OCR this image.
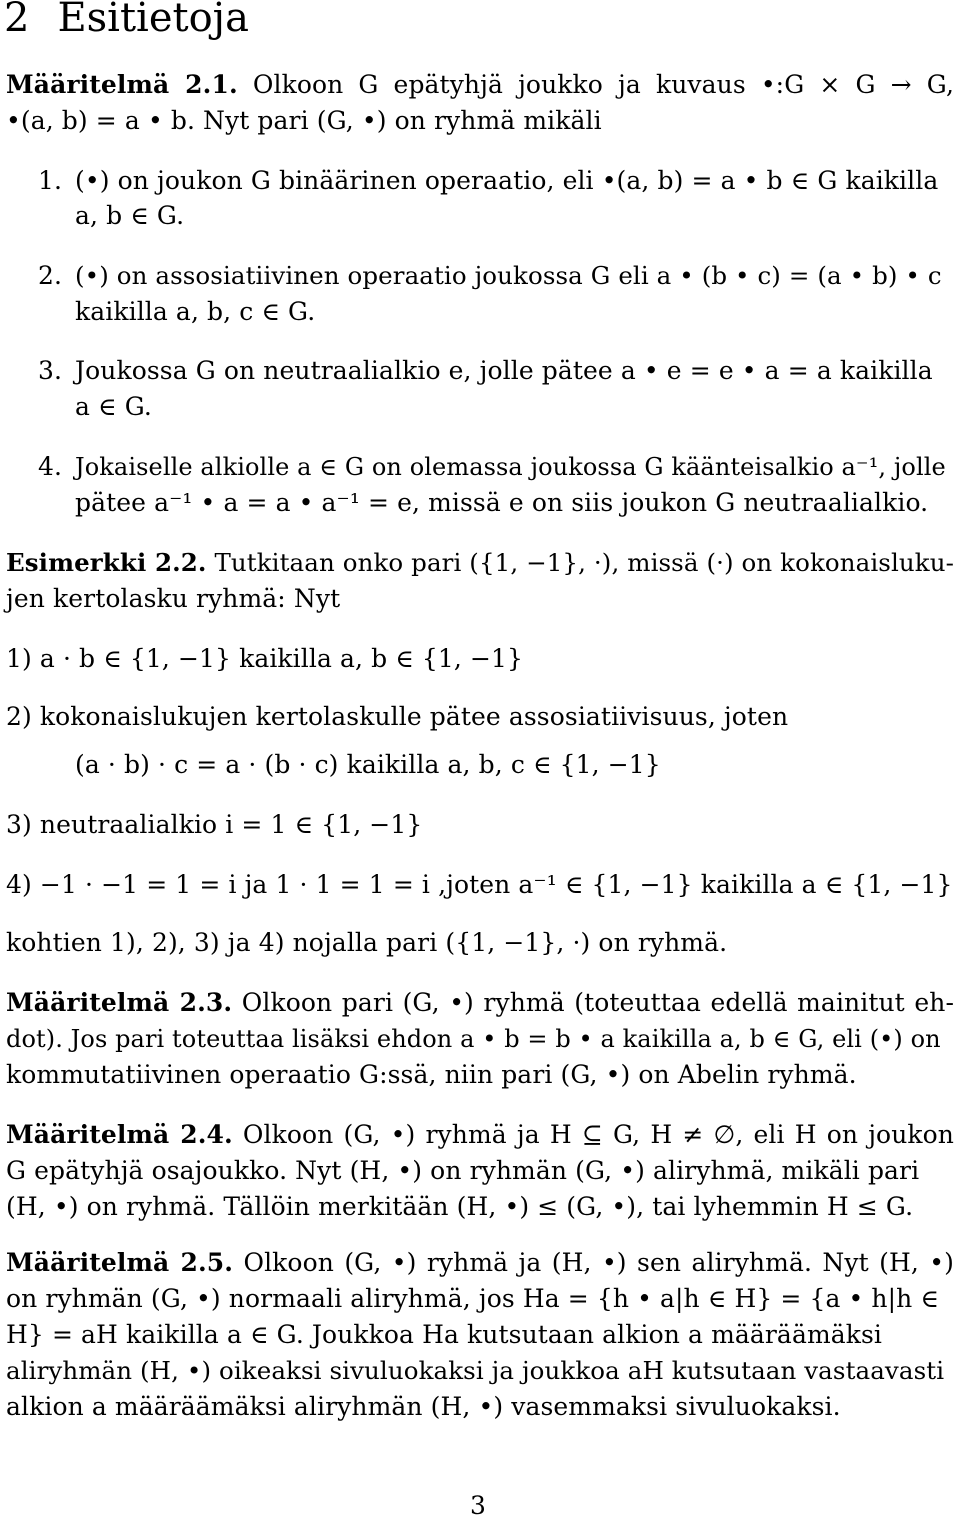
2 Esitietoja
Määritelmä 2.1. Olkoon G epätyhjä joukko ja kuvaus •:G × G → G,
•(a, b) = a • b. Nyt pari (G, •) on ryhmä mikäli
1. (•) on joukon G binäärinen operaatio, eli •(a, b) = a • b ∈ G kaikilla
a, b ∈ G.
2. (•) on assosiatiivinen operaatio joukossa G eli a • (b • c) = (a • b) • c
kaikilla a, b, c ∈ G.
3. Joukossa G on neutraalialkio e, jolle pätee a • e = e • a = a kaikilla
a ∈ G.
4. Jokaiselle alkiolle a ∈ G on olemassa joukossa G käänteisalkio a⁻¹, jolle
pätee a⁻¹ • a = a • a⁻¹ = e, missä e on siis joukon G neutraalialkio.
Esimerkki 2.2. Tutkitaan onko pari ({1, −1}, ·), missä (·) on kokonaisluku-
jen kertolasku ryhmä: Nyt
1) a · b ∈ {1, −1} kaikilla a, b ∈ {1, −1}
2) kokonaislukujen kertolaskulle pätee assosiatiivisuus, joten
(a · b) · c = a · (b · c) kaikilla a, b, c ∈ {1, −1}
3) neutraalialkio i = 1 ∈ {1, −1}
4) −1 · −1 = 1 = i ja 1 · 1 = 1 = i ,joten a⁻¹ ∈ {1, −1} kaikilla a ∈ {1, −1}
kohtien 1), 2), 3) ja 4) nojalla pari ({1, −1}, ·) on ryhmä.
Määritelmä 2.3. Olkoon pari (G, •) ryhmä (toteuttaa edellä mainitut eh-
dot). Jos pari toteuttaa lisäksi ehdon a • b = b • a kaikilla a, b ∈ G, eli (•) on
kommutatiivinen operaatio G:ssä, niin pari (G, •) on Abelin ryhmä.
Määritelmä 2.4. Olkoon (G, •) ryhmä ja H ⊆ G, H ≠ ∅, eli H on joukon
G epätyhjä osajoukko. Nyt (H, •) on ryhmän (G, •) aliryhmä, mikäli pari
(H, •) on ryhmä. Tällöin merkitään (H, •) ≤ (G, •), tai lyhemmin H ≤ G.
Määritelmä 2.5. Olkoon (G, •) ryhmä ja (H, •) sen aliryhmä. Nyt (H, •)
on ryhmän (G, •) normaali aliryhmä, jos Ha = {h • a|h ∈ H} = {a • h|h ∈
H} = aH kaikilla a ∈ G. Joukkoa Ha kutsutaan alkion a määräämäksi
aliryhmän (H, •) oikeaksi sivuluokaksi ja joukkoa aH kutsutaan vastaavasti
alkion a määräämäksi aliryhmän (H, •) vasemmaksi sivuluokaksi.
3
